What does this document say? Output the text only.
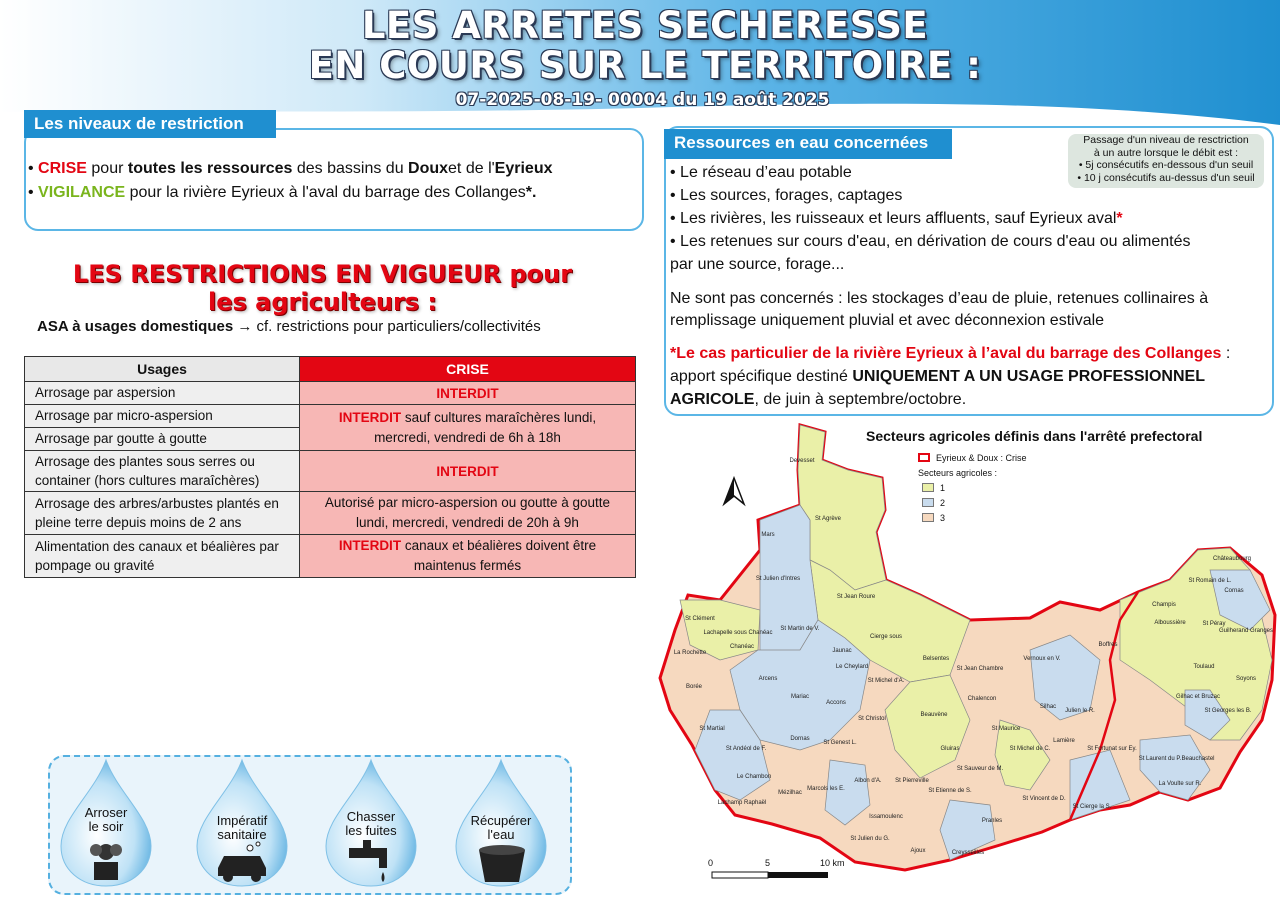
LES ARRETES SECHERESSE
EN COURS SUR LE TERRITOIRE :
07-2025-08-19- 00004 du 19 août 2025
Les niveaux de restriction
• CRISE pour toutes les ressources des bassins du Douxet de l'Eyrieux
• VIGILANCE pour la rivière Eyrieux à l'aval du barrage des Collanges*.
LES RESTRICTIONS EN VIGUEUR pour
les agriculteurs :
ASA à usages domestiques → cf. restrictions pour particuliers/collectivités
Usages	CRISE
Arrosage par aspersion	INTERDIT
Arrosage par micro-aspersion	INTERDIT sauf cultures maraîchères lundi, mercredi, vendredi de 6h à 18h
Arrosage par goutte à goutte	
Arrosage des plantes sous serres ou container (hors cultures maraîchères)	INTERDIT
Arrosage des arbres/arbustes plantés en pleine terre depuis moins de 2 ans	Autorisé par micro-aspersion ou goutte à goutte lundi, mercredi, vendredi de 20h à 9h
Alimentation des canaux et béalières par pompage ou gravité	INTERDIT canaux et béalières doivent être maintenus fermés
Ressources en eau concernées	Passage d'un niveau de resctriction
à un autre lorsque le débit est :
• 5j consécutifs en-dessous d'un seuil
• 10 j consécutifs au-dessus d'un seuil
• Le réseau d’eau potable
• Les sources, forages, captages
• Les rivières, les ruisseaux et leurs affluents, sauf Eyrieux aval*
• Les retenues sur cours d'eau, en dérivation de cours d'eau ou alimentés
par une source, forage...
Ne sont pas concernés : les stockages d’eau de pluie, retenues collinaires à
remplissage uniquement pluvial et avec déconnexion estivale
*Le cas particulier de la rivière Eyrieux à l’aval du barrage des Collanges :
apport spécifique destiné UNIQUEMENT A UN USAGE PROFESSIONNEL
AGRICOLE, de juin à septembre/octobre.
Secteurs agricoles définis dans l'arrêté prefectoral
0	5	10 km
Devesset
St Agrève
Mars
St Julien d'Intres
Lachapelle sous Chanéac
Chanéac
St Clément
La Rochette
Borée
St Martin de V.
Jaunac
Le Cheylard
St Jean Roure
Cierge sous
Belsentes
St Jean Chambre
Vernoux en V.
Arcens
Mariac
St Michel d'A.
Accons
St Christol
Chalencon
Silhac
Beauvène
Dornas
St Martial
St Andéol de F.
Le Chambon
St Genest L.
Gluiras
St Maurice
St Sauveur de M.
St Michel de C.
Lamière
Julien le R.
St Fortunat sur Ey.
St Laurent du P. Beauchastel
La Voulte sur R.
Marcols les E.
Albon d'A. St Pierreville
St Etienne de S.
St Vincent de D.
St Cierge la S.
Mézilhac
Lachamp Raphaël
Issamoulenc
St Julien du G.
Ajoux
Pranles
Creysseilles
Châteaubourg
St Romain de L.
Cornas
Champis
St Péray
Alboussière
Guilherand Granges
Boffres
Toulaud
Soyons
Gilhac et Bruzac
St Georges les B.
Eyrieux & Doux : Crise
Secteurs agricoles :
1
2
3
Arroser
le soir	Impératif
sanitaire
Chasser
les fuites
Récupérer
l'eau
